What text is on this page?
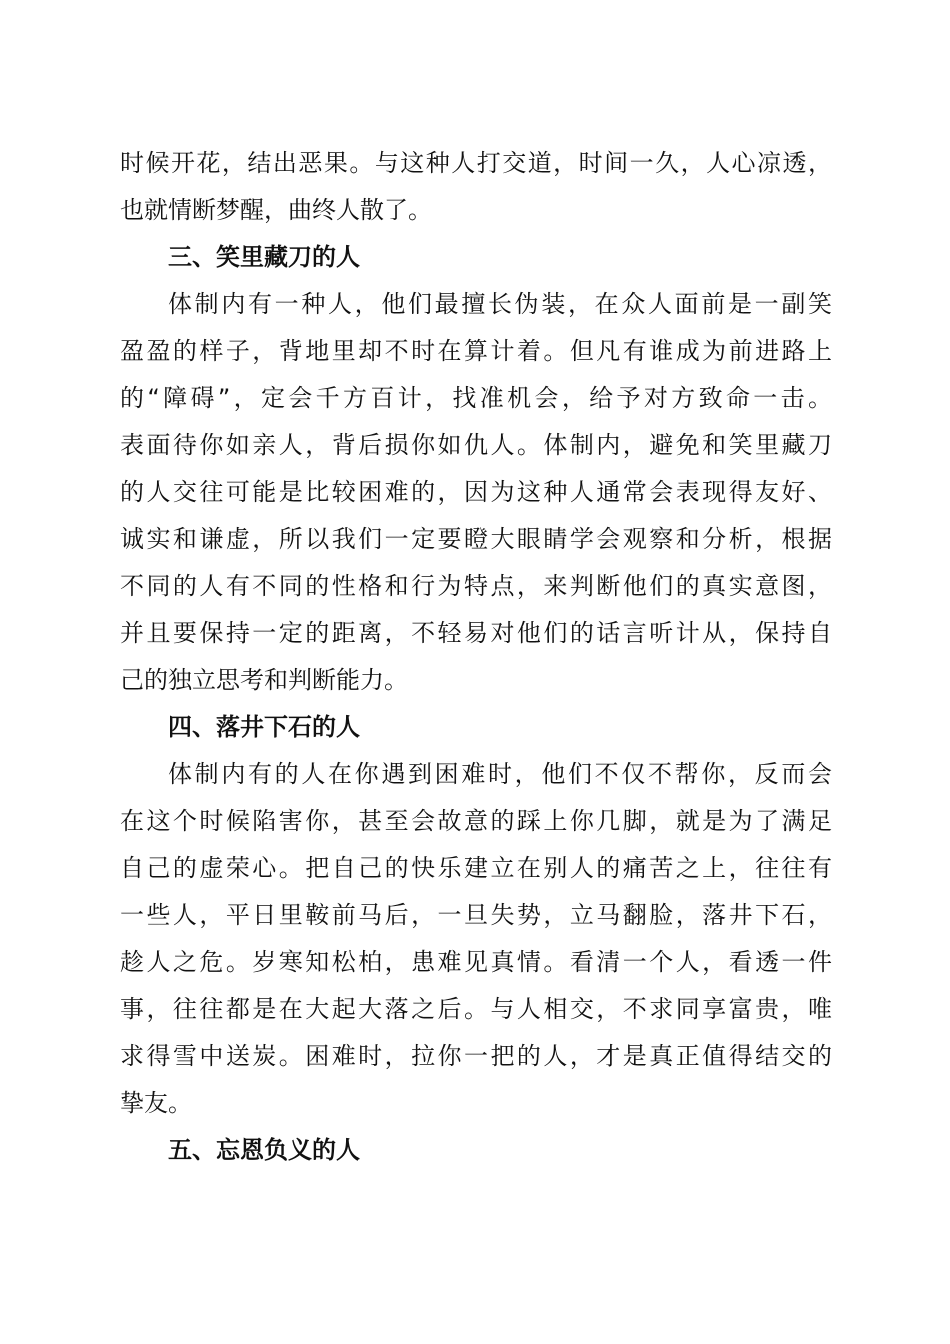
时候开花，结出恶果。与这种人打交道，时间一久，人心凉透，
也就情断梦醒，曲终人散了。
三、笑里藏刀的人
体制内有一种人，他们最擅长伪装，在众人面前是一副笑
盈盈的样子，背地里却不时在算计着。但凡有谁成为前进路上
的“障碍”，定会千方百计，找准机会，给予对方致命一击。
表面待你如亲人，背后损你如仇人。体制内，避免和笑里藏刀
的人交往可能是比较困难的，因为这种人通常会表现得友好、
诚实和谦虚，所以我们一定要瞪大眼睛学会观察和分析，根据
不同的人有不同的性格和行为特点，来判断他们的真实意图，
并且要保持一定的距离，不轻易对他们的话言听计从，保持自
己的独立思考和判断能力。
四、落井下石的人
体制内有的人在你遇到困难时，他们不仅不帮你，反而会
在这个时候陷害你，甚至会故意的踩上你几脚，就是为了满足
自己的虚荣心。把自己的快乐建立在别人的痛苦之上，往往有
一些人，平日里鞍前马后，一旦失势，立马翻脸，落井下石，
趁人之危。岁寒知松柏，患难见真情。看清一个人，看透一件
事，往往都是在大起大落之后。与人相交，不求同享富贵，唯
求得雪中送炭。困难时，拉你一把的人，才是真正值得结交的
挚友。
五、忘恩负义的人
